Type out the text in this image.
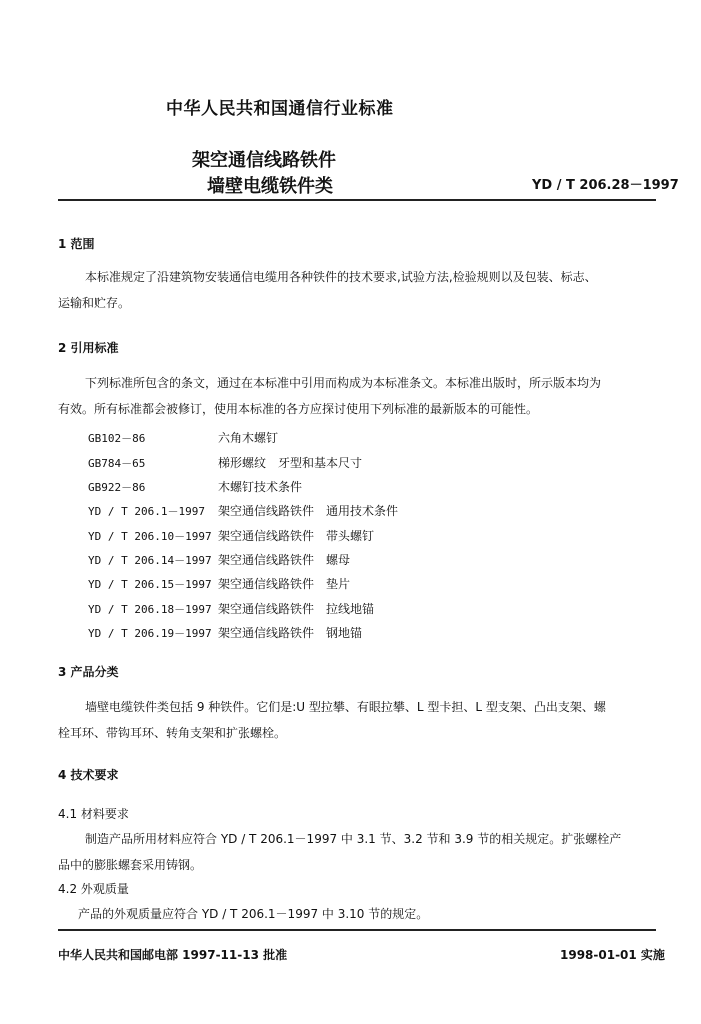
中华人民共和国通信行业标准
架空通信线路铁件
墙壁电缆铁件类	YD / T 206.28－1997
1 范围
本标准规定了沿建筑物安装通信电缆用各种铁件的技术要求,试验方法,检验规则以及包装、标志、
运输和贮存。
2 引用标准
下列标准所包含的条文，通过在本标准中引用而构成为本标准条文。本标准出版时，所示版本均为
有效。所有标准都会被修订，使用本标准的各方应探讨使用下列标准的最新版本的可能性。
GB102－86	六角木螺钉
GB784－65	梯形螺纹　牙型和基本尺寸
GB922－86	木螺钉技术条件
YD / T 206.1－1997 架空通信线路铁件　通用技术条件
YD / T 206.10－1997 架空通信线路铁件　带头螺钉
YD / T 206.14－1997 架空通信线路铁件　螺母
YD / T 206.15－1997 架空通信线路铁件　垫片
YD / T 206.18－1997 架空通信线路铁件　拉线地锚
YD / T 206.19－1997 架空通信线路铁件　钢地锚
3 产品分类
墙壁电缆铁件类包括 9 种铁件。它们是:U 型拉攀、有眼拉攀、L 型卡担、L 型支架、凸出支架、螺
栓耳环、带钩耳环、转角支架和扩张螺栓。
4 技术要求
4.1 材料要求
制造产品所用材料应符合 YD / T 206.1－1997 中 3.1 节、3.2 节和 3.9 节的相关规定。扩张螺栓产
品中的膨胀螺套采用铸钢。
4.2 外观质量
产品的外观质量应符合 YD / T 206.1－1997 中 3.10 节的规定。
中华人民共和国邮电部 1997-11-13 批准	1998-01-01 实施
